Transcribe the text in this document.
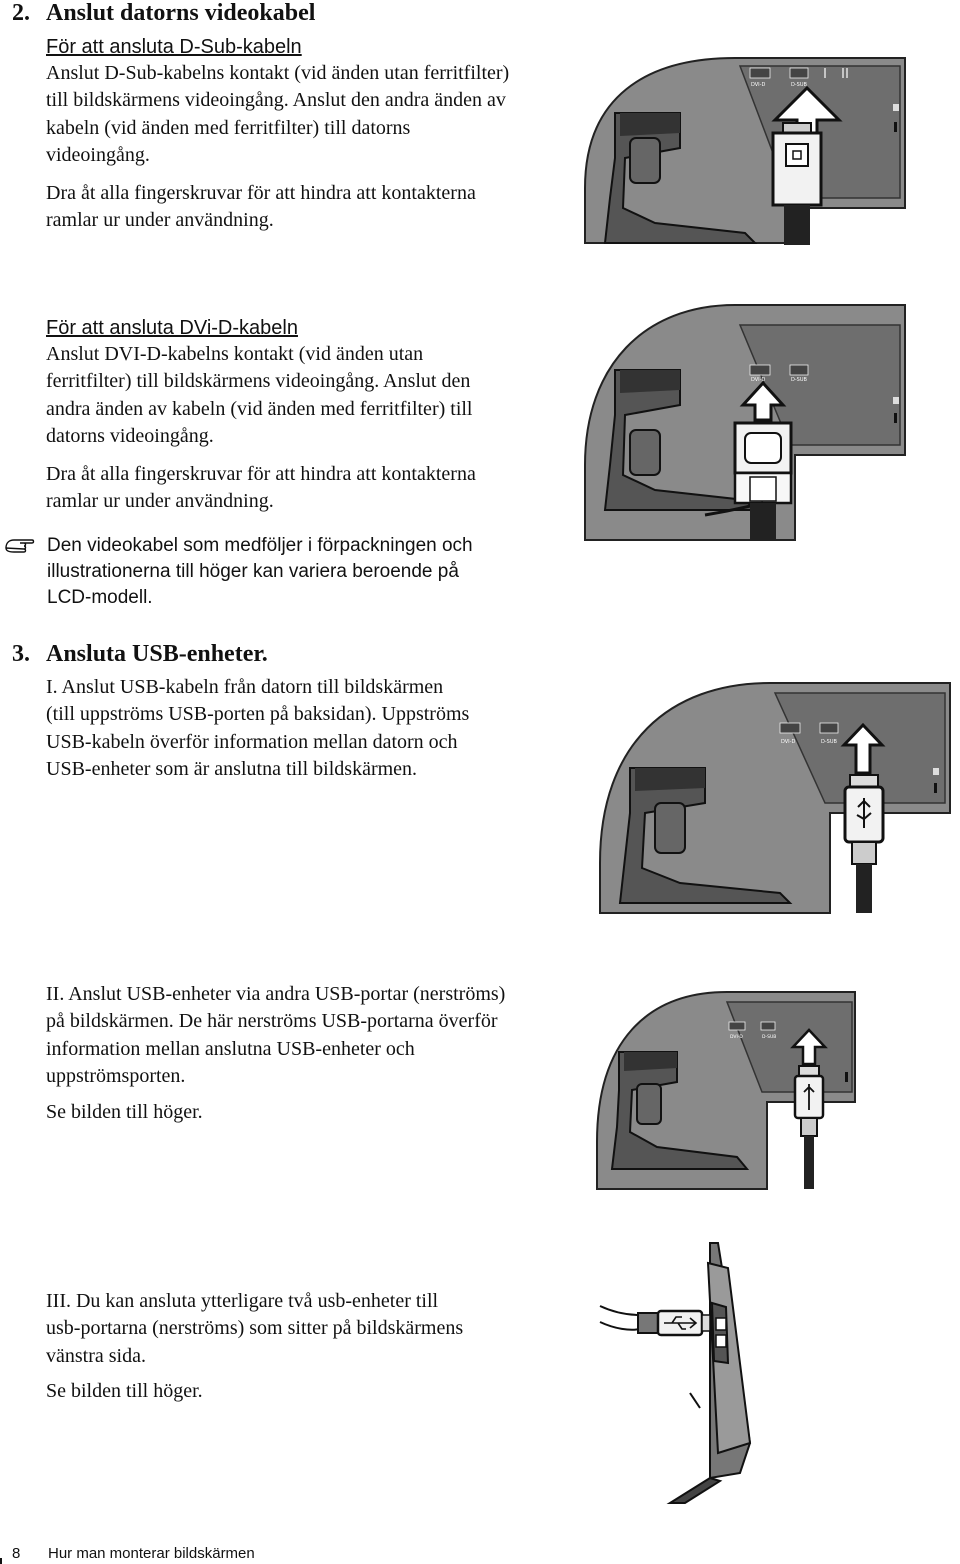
2. Anslut datorns videokabel
För att ansluta D-Sub-kabeln
Anslut D-Sub-kabelns kontakt (vid änden utan ferritfilter)
till bildskärmens videoingång. Anslut den andra änden av
kabeln (vid änden med ferritfilter) till datorns
videoingång.
Dra åt alla fingerskruvar för att hindra att kontakterna
ramlar ur under användning.
DVI-D	D-SUB
För att ansluta DVi-D-kabeln
Anslut DVI-D-kabelns kontakt (vid änden utan
ferritfilter) till bildskärmens videoingång. Anslut den
andra änden av kabeln (vid änden med ferritfilter) till
datorns videoingång.
Dra åt alla fingerskruvar för att hindra att kontakterna
ramlar ur under användning.
DVI-D	D-SUB
Den videokabel som medföljer i förpackningen och
illustrationerna till höger kan variera beroende på
LCD-modell.
3. Ansluta USB-enheter.
I. Anslut USB-kabeln från datorn till bildskärmen
(till uppströms USB-porten på baksidan). Uppströms
USB-kabeln överför information mellan datorn och
USB-enheter som är anslutna till bildskärmen.
DVI-D	D-SUB
II. Anslut USB-enheter via andra USB-portar (nerströms)
på bildskärmen. De här nerströms USB-portarna överför
information mellan anslutna USB-enheter och
uppströmsporten.
Se bilden till höger.
DVI-D	D-SUB
III. Du kan ansluta ytterligare två usb-enheter till
usb-portarna (nerströms) som sitter på bildskärmens
vänstra sida.
Se bilden till höger.
8 Hur man monterar bildskärmen
